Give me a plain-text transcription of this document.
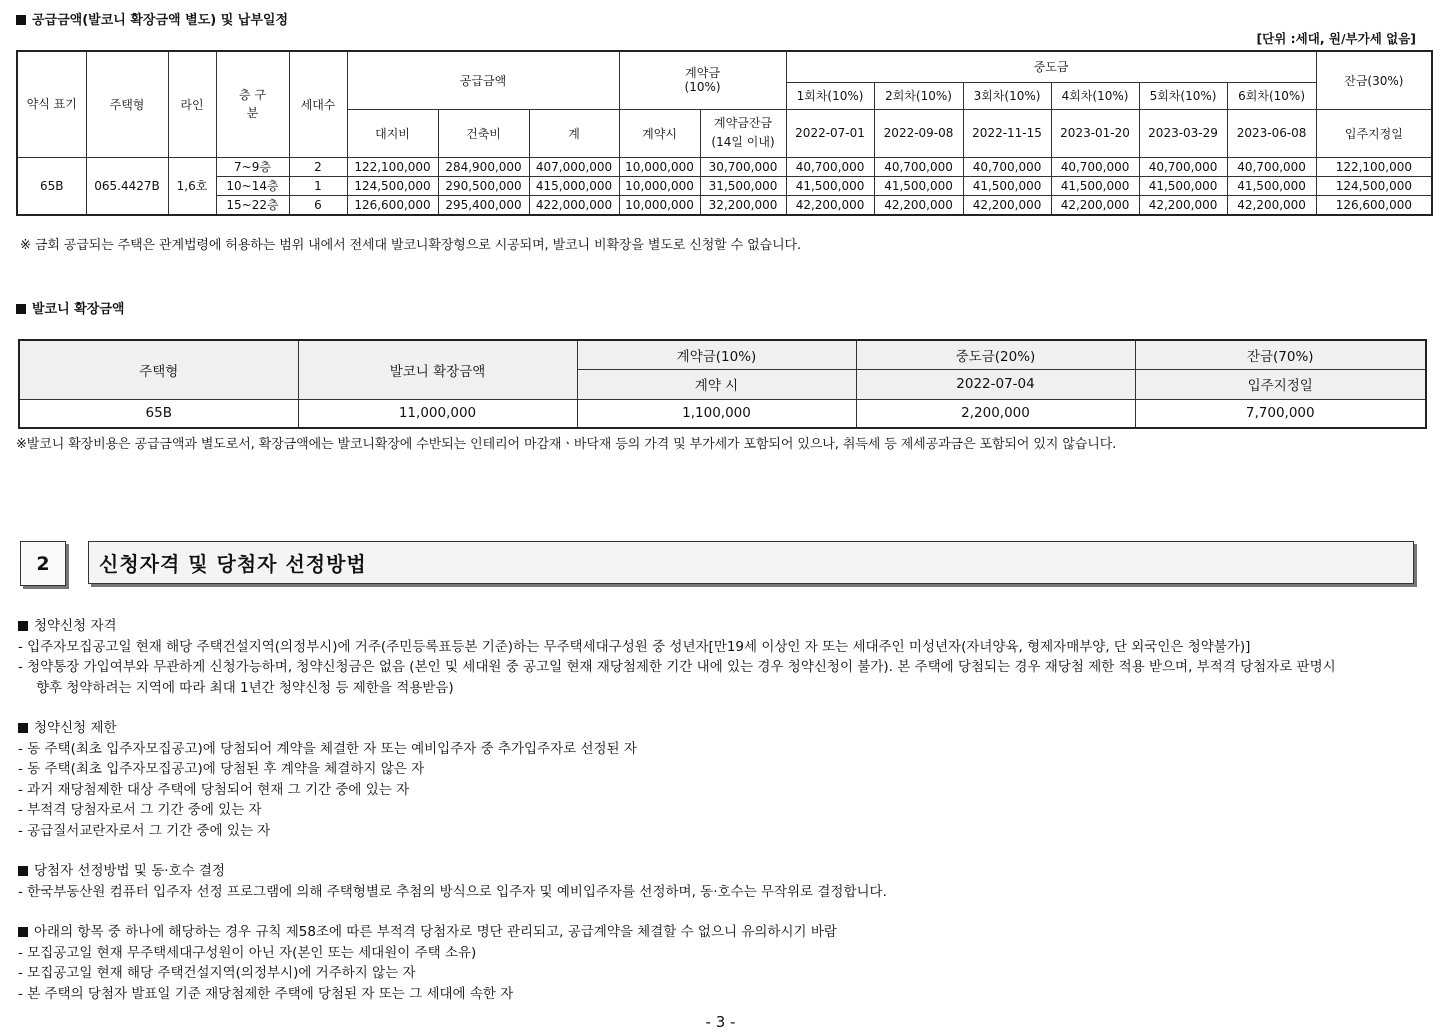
공급금액(발코니 확장금액 별도) 및 납부일정
[단위 :세대, 원/부가세 없음]
약식 표기	주택형	라인	층 구분	세대수	공급금액			계약금 (10%)		중도금						잔금(30%)
										1회차(10%)	2회차(10%)	3회차(10%)	4회차(10%)	5회차(10%)	6회차(10%)	
					대지비	건축비	계	계약시	계약금잔금 (14일 이내)	2022-07-01	2022-09-08	2022-11-15	2023-01-20	2023-03-29	2023-06-08	입주지정일
65B	065.4427B	1,6호	7~9층	2	122,100,000	284,900,000	407,000,000	10,000,000	30,700,000	40,700,000	40,700,000	40,700,000	40,700,000	40,700,000	40,700,000	122,100,000
			10~14층	1	124,500,000	290,500,000	415,000,000	10,000,000	31,500,000	41,500,000	41,500,000	41,500,000	41,500,000	41,500,000	41,500,000	124,500,000
			15~22층	6	126,600,000	295,400,000	422,000,000	10,000,000	32,200,000	42,200,000	42,200,000	42,200,000	42,200,000	42,200,000	42,200,000	126,600,000
※ 금회 공급되는 주택은 관계법령에 허용하는 범위 내에서 전세대 발코니확장형으로 시공되며, 발코니 비확장을 별도로 신청할 수 없습니다.
발코니 확장금액
주택형	발코니 확장금액	계약금(10%)	중도금(20%)	잔금(70%)
		계약 시	2022-07-04	입주지정일
65B	11,000,000	1,100,000	2,200,000	7,700,000
※발코니 확장비용은 공급금액과 별도로서, 확장금액에는 발코니확장에 수반되는 인테리어 마감재ㆍ바닥재 등의 가격 및 부가세가 포함되어 있으나, 취득세 등 제세공과금은 포함되어 있지 않습니다.
2	신청자격 및 당첨자 선정방법
청약신청 자격
- 입주자모집공고일 현재 해당 주택건설지역(의정부시)에 거주(주민등록표등본 기준)하는 무주택세대구성원 중 성년자[만19세 이상인 자 또는 세대주인 미성년자(자녀양육, 형제자매부양, 단 외국인은 청약불가)]
- 청약통장 가입여부와 무관하게 신청가능하며, 청약신청금은 없음 (본인 및 세대원 중 공고일 현재 재당첨제한 기간 내에 있는 경우 청약신청이 불가). 본 주택에 당첨되는 경우 재당첨 제한 적용 받으며, 부적격 당첨자로 판명시
향후 청약하려는 지역에 따라 최대 1년간 청약신청 등 제한을 적용받음)
청약신청 제한
- 동 주택(최초 입주자모집공고)에 당첨되어 계약을 체결한 자 또는 예비입주자 중 추가입주자로 선정된 자
- 동 주택(최초 입주자모집공고)에 당첨된 후 계약을 체결하지 않은 자
- 과거 재당첨제한 대상 주택에 당첨되어 현재 그 기간 중에 있는 자
- 부적격 당첨자로서 그 기간 중에 있는 자
- 공급질서교란자로서 그 기간 중에 있는 자
당첨자 선정방법 및 동·호수 결정
- 한국부동산원 컴퓨터 입주자 선정 프로그램에 의해 주택형별로 추첨의 방식으로 입주자 및 예비입주자를 선정하며, 동·호수는 무작위로 결정합니다.
아래의 항목 중 하나에 해당하는 경우 규칙 제58조에 따른 부적격 당첨자로 명단 관리되고, 공급계약을 체결할 수 없으니 유의하시기 바람
- 모집공고일 현재 무주택세대구성원이 아닌 자(본인 또는 세대원이 주택 소유)
- 모집공고일 현재 해당 주택건설지역(의정부시)에 거주하지 않는 자
- 본 주택의 당첨자 발표일 기준 재당첨제한 주택에 당첨된 자 또는 그 세대에 속한 자
- 3 -
